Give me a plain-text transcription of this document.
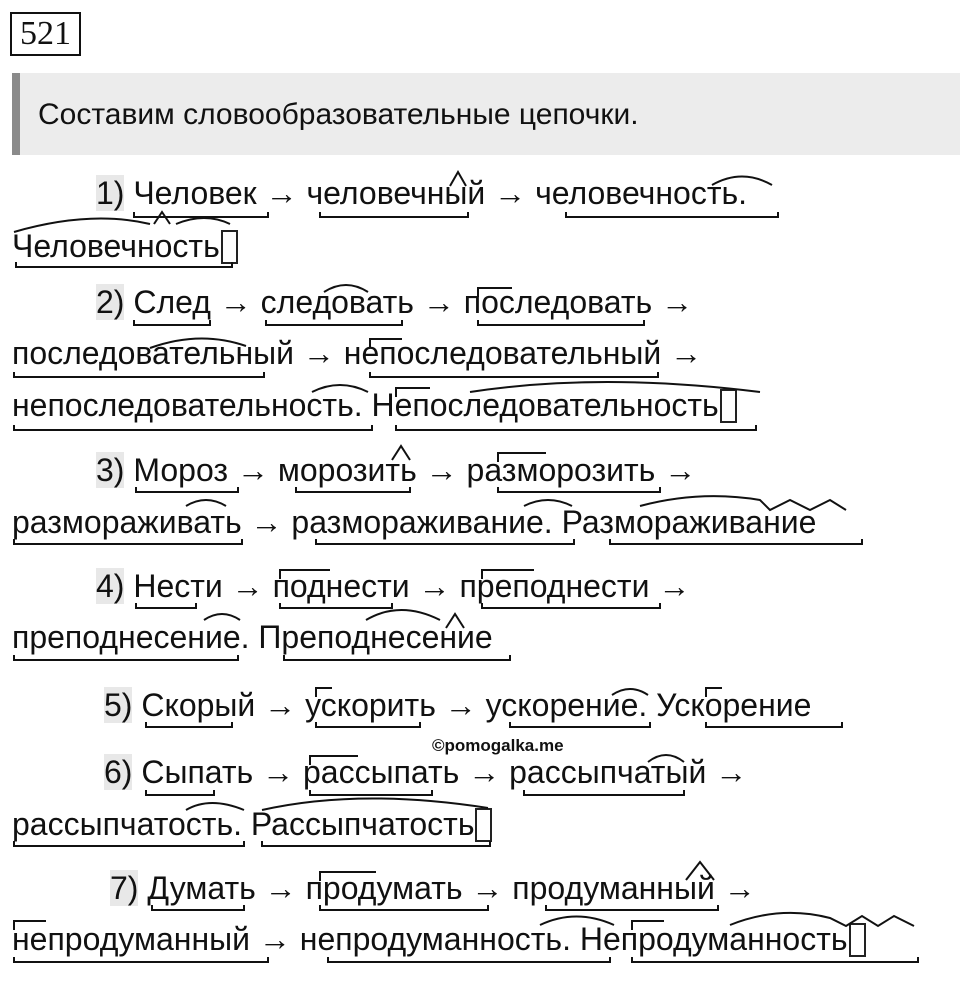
521
Составим словообразовательные цепочки.
1) Человек → человечный → человечность.
Человечность
2) След → следовать → последовать →
последовательный → непоследовательный →
непоследовательность. Непоследовательность
3) Мороз → морозить → разморозить →
размораживать → размораживание. Размораживание
4) Нести → поднести → преподнести →
преподнесение. Преподнесение
5) Скорый → ускорить → ускорение. Ускорение
6) Сыпать → рассыпать → рассыпчатый →
рассыпчатость. Рассыпчатость
7) Думать → продумать → продуманный →
непродуманный → непродуманность. Непродуманность
©pomogalka.me
